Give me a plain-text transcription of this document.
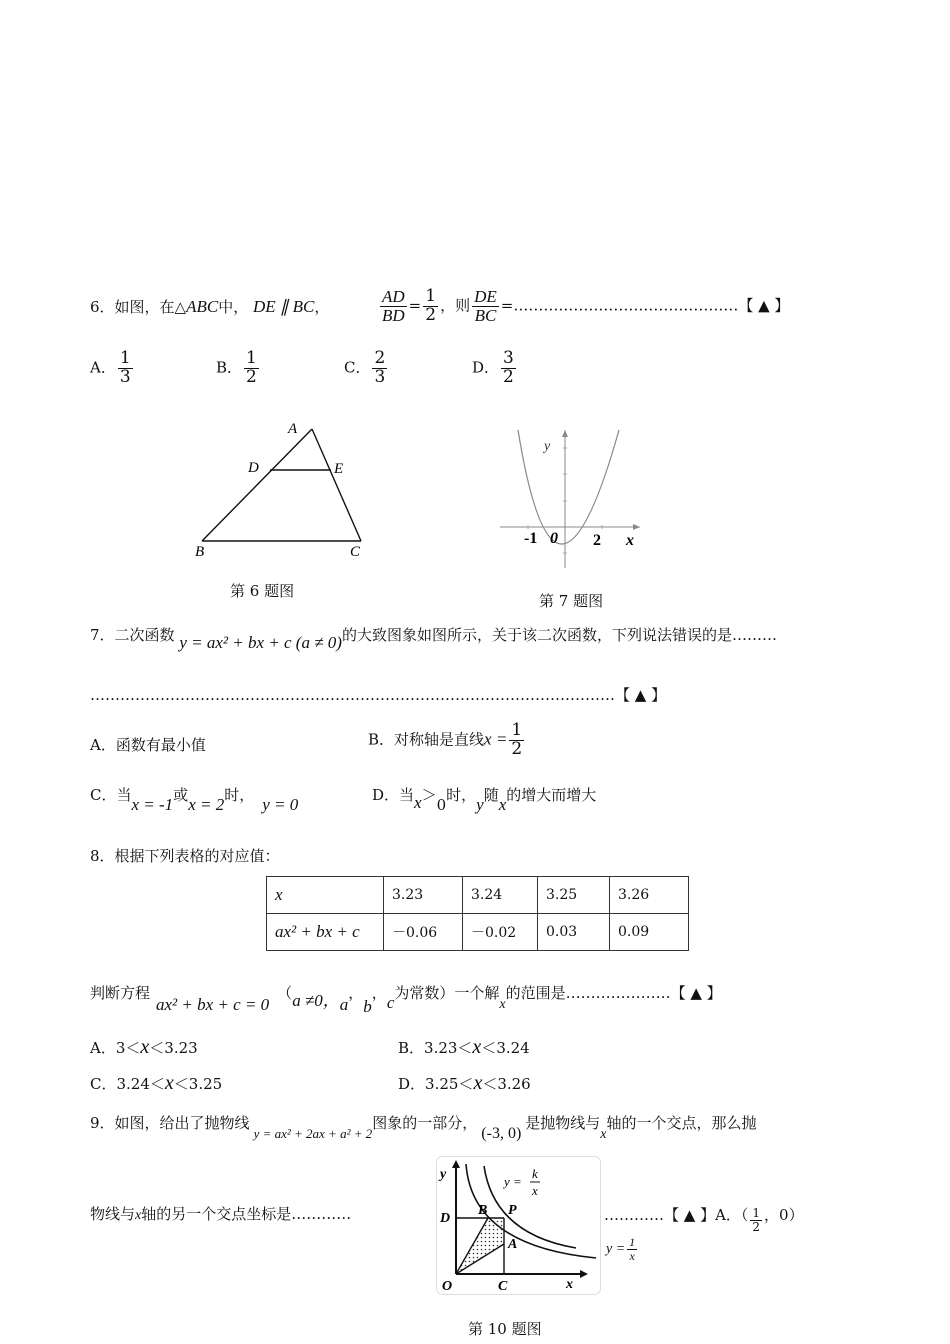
6．如图，在△ABC中， DE ∥ BC，	$\frac{AD}{BD} = \frac{1}{2}$ ，则 $\frac{DE}{BC}$ =………………………………………【 ▲ 】
A． $\frac{1}{3}$	B． $\frac{1}{2}$	C． $\frac{2}{3}$	D． $\frac{3}{2}$
A
D	E
B	C
第 6 题图
y
x
-1 0 2
第 7 题图
7．二次函数 y = ax² + bx + c (a ≠ 0)的大致图象如图所示，关于该二次函数，下列说法错误的是………
……………………………………………………………………………………………【 ▲ 】
A．函数有最小值	B．对称轴是直线$x = \frac{1}{2}$
C．当x = -1或x = 2时， y = 0	D．当x＞0时，y随x的增大而增大
8．根据下列表格的对应值：
x	3.23	3.24	3.25	3.26
ax² + bx + c	－0.06	－0.02	0.03	0.09
判断方程ax² + bx + c = 0（a ≠0，a，b，c为常数）一个解x的范围是…………………【 ▲ 】
A．3＜x＜3.23	B．3.23＜x＜3.24
C．3.24＜x＜3.25	D．3.25＜x＜3.26
9．如图，给出了抛物线y = ax² + 2ax + a² + 2图象的一部分，(-3, 0)是抛物线与x轴的一个交点，那么抛
物线与x轴的另一个交点坐标是…………	…………【 ▲ 】A．（ $\frac{1}{2}$ ，0）
y
x
O	C
D
B P
A
y =
k
x
$y = \frac{1}{x}$
第 10 题图
